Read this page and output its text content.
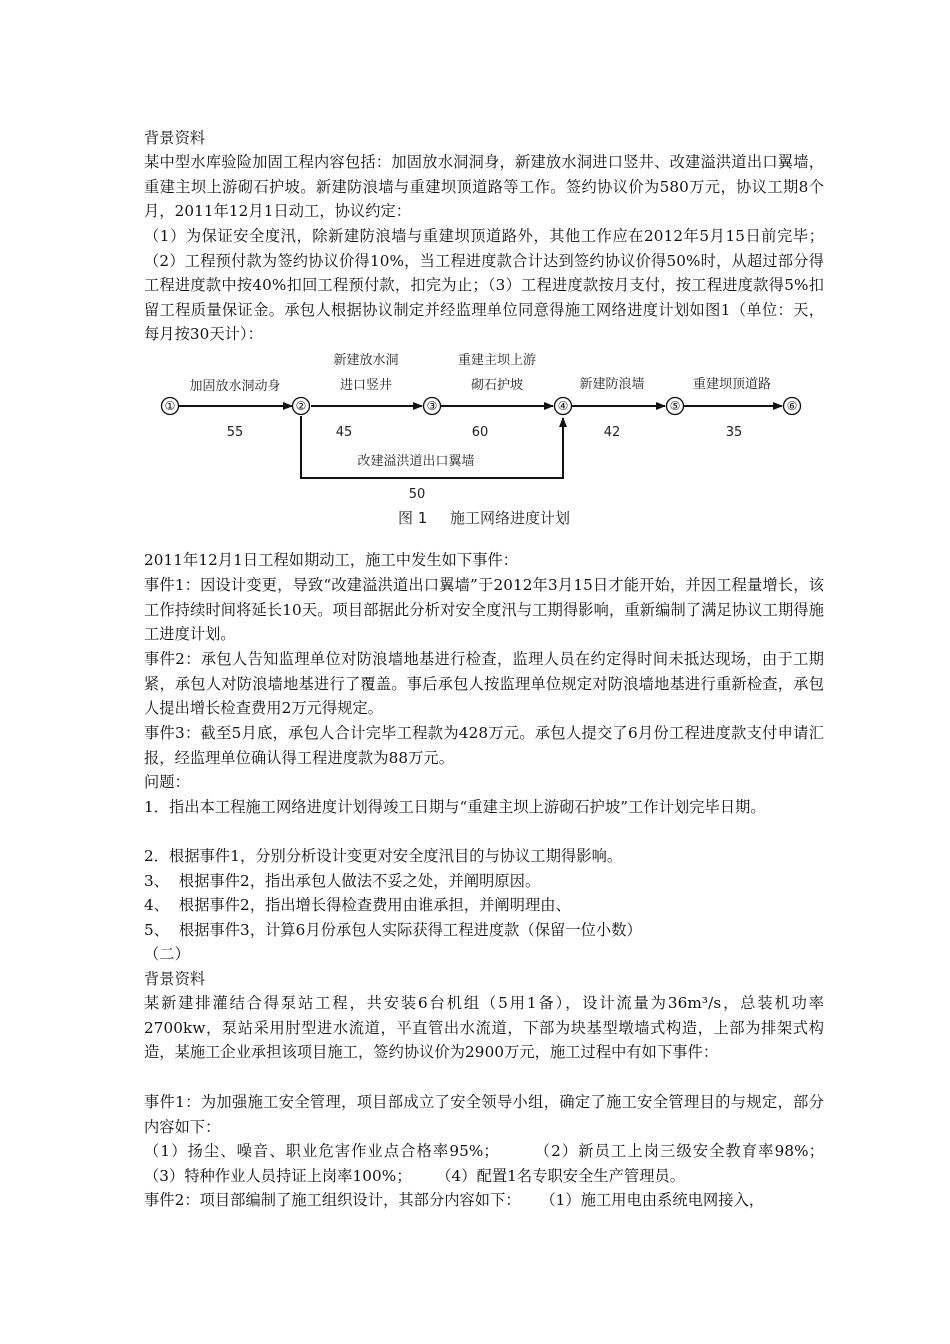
背景资料
某中型水库验险加固工程内容包括：加固放水洞洞身，新建放水洞进口竖井、改建溢洪道出口翼墙，重建主坝上游砌石护坡。新建防浪墙与重建坝顶道路等工作。签约协议价为580万元，协议工期8个月，2011年12月1日动工，协议约定：
（1）为保证安全度汛，除新建防浪墙与重建坝顶道路外，其他工作应在2012年5月15日前完毕；（2）工程预付款为签约协议价得10%，当工程进度款合计达到签约协议价得50%时，从超过部分得工程进度款中按40%扣回工程预付款，扣完为止；（3）工程进度款按月支付，按工程进度款得5%扣留工程质量保证金。承包人根据协议制定并经监理单位同意得施工网络进度计划如图1（单位：天，每月按30天计）：
①	②	③	④	⑤	⑥
加固放水洞动身
55
新建放水洞
进口竖井
45
重建主坝上游
砌石护坡
60
新建防浪墙
42
重建坝顶道路
35
改建溢洪道出口翼墙
50
图 1 施工网络进度计划
2011年12月1日工程如期动工，施工中发生如下事件：
事件1：因设计变更，导致“改建溢洪道出口翼墙”于2012年3月15日才能开始，并因工程量增长，该工作持续时间将延长10天。项目部据此分析对安全度汛与工期得影响，重新编制了满足协议工期得施工进度计划。
事件2：承包人告知监理单位对防浪墙地基进行检查，监理人员在约定得时间未抵达现场，由于工期紧，承包人对防浪墙地基进行了覆盖。事后承包人按监理单位规定对防浪墙地基进行重新检查，承包人提出增长检查费用2万元得规定。
事件3：截至5月底，承包人合计完毕工程款为428万元。承包人提交了6月份工程进度款支付申请汇报，经监理单位确认得工程进度款为88万元。
问题：
1．指出本工程施工网络进度计划得竣工日期与“重建主坝上游砌石护坡”工作计划完毕日期。
2．根据事件1，分别分析设计变更对安全度汛目的与协议工期得影响。
3、  根据事件2，指出承包人做法不妥之处，并阐明原因。
4、  根据事件2，指出增长得检查费用由谁承担，并阐明理由、
5、  根据事件3，计算6月份承包人实际获得工程进度款（保留一位小数）
（二）
背景资料
某新建排灌结合得泵站工程，共安装6台机组（5用1备），设计流量为36m³/s，总装机功率2700kw，泵站采用肘型进水流道，平直管出水流道，下部为块基型墩墙式构造，上部为排架式构造，某施工企业承担该项目施工，签约协议价为2900万元，施工过程中有如下事件：
事件1：为加强施工安全管理，项目部成立了安全领导小组，确定了施工安全管理目的与规定，部分内容如下：
（1）扬尘、噪音、职业危害作业点合格率95%；      （2）新员工上岗三级安全教育率98%；    （3）特种作业人员持证上岗率100%；     （4）配置1名专职安全生产管理员。
事件2：项目部编制了施工组织设计，其部分内容如下：    （1）施工用电由系统电网接入，
